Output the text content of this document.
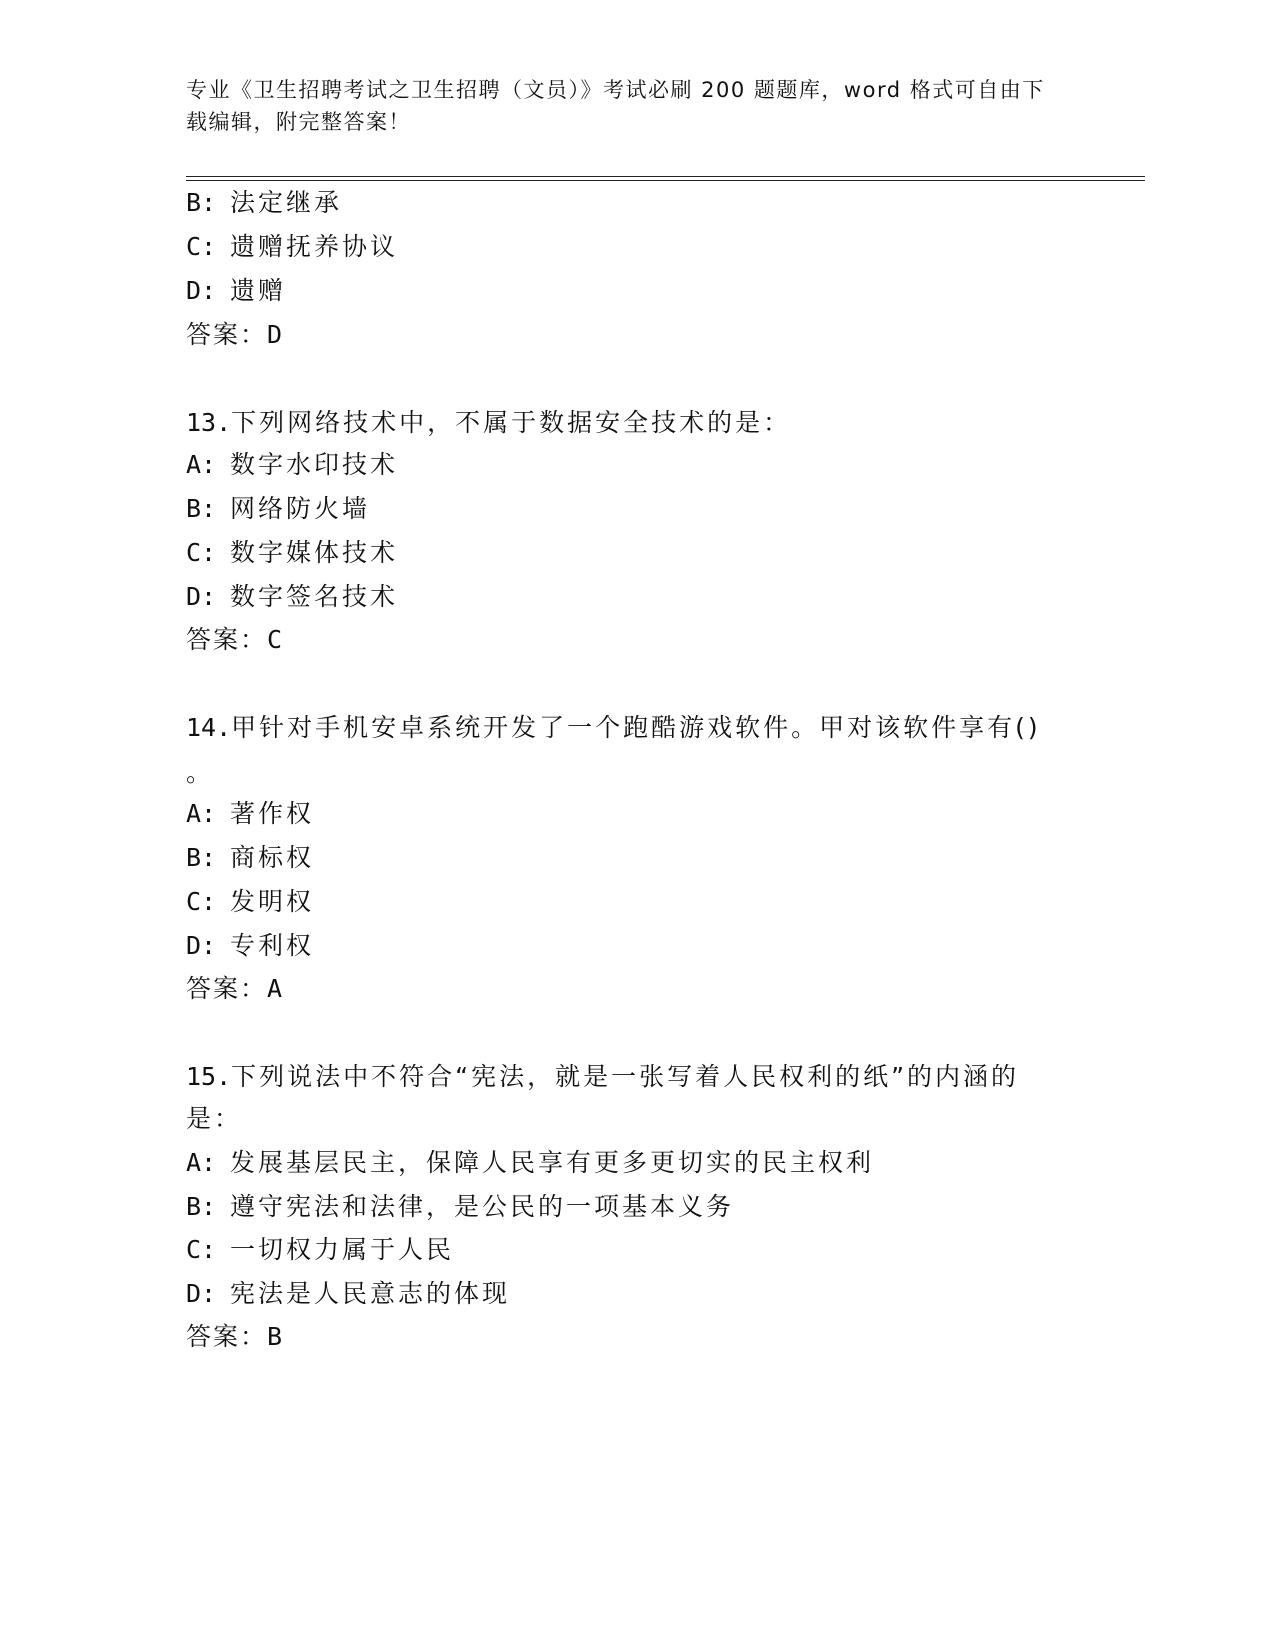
专业《卫生招聘考试之卫生招聘（文员）》考试必刷 200 题题库，word 格式可自由下载编辑，附完整答案！
B: 法定继承
C: 遗赠抚养协议
D: 遗赠
答案：D
13.下列网络技术中，不属于数据安全技术的是：
A: 数字水印技术
B: 网络防火墙
C: 数字媒体技术
D: 数字签名技术
答案：C
14.甲针对手机安卓系统开发了一个跑酷游戏软件。甲对该软件享有()
。
A: 著作权
B: 商标权
C: 发明权
D: 专利权
答案：A
15.下列说法中不符合“宪法，就是一张写着人民权利的纸”的内涵的
是：
A: 发展基层民主，保障人民享有更多更切实的民主权利
B: 遵守宪法和法律，是公民的一项基本义务
C: 一切权力属于人民
D: 宪法是人民意志的体现
答案：B
